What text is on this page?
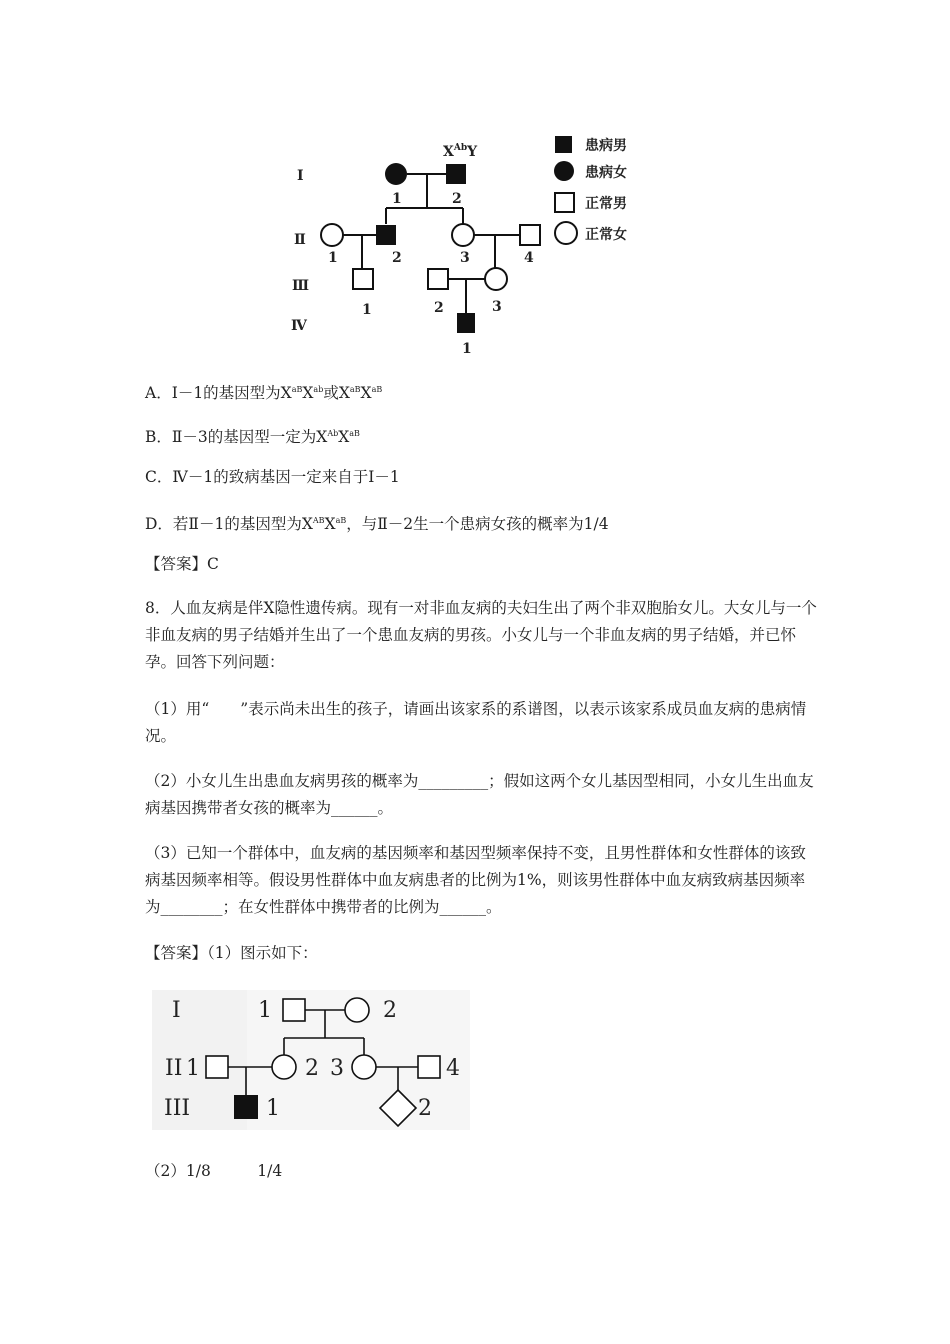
I
Ⅱ
Ⅲ
Ⅳ
$X^{Ab}Y$
1	2
1	2	3	4
1	2	3
1
患病男
患病女
正常男
正常女
A．Ⅰ－1的基因型为$X^{aB}X^{ab}$或$X^{aB}X^{aB}$
B．Ⅱ－3的基因型一定为$X^{Ab}X^{aB}$
C．Ⅳ－1的致病基因一定来自于Ⅰ－1
D．若Ⅱ－1的基因型为$X^{AB}X^{aB}$，与Ⅱ－2生一个患病女孩的概率为1/4
【答案】C
8．人血友病是伴X隐性遗传病。现有一对非血友病的夫妇生出了两个非双胞胎女儿。大女儿与一个非血友病的男子结婚并生出了一个患血友病的男孩。小女儿与一个非血友病的男子结婚，并已怀孕。回答下列问题：
（1）用“　　”表示尚未出生的孩子，请画出该家系的系谱图，以表示该家系成员血友病的患病情况。
（2）小女儿生出患血友病男孩的概率为_________；假如这两个女儿基因型相同，小女儿生出血友病基因携带者女孩的概率为______。
（3）已知一个群体中，血友病的基因频率和基因型频率保持不变，且男性群体和女性群体的该致病基因频率相等。假设男性群体中血友病患者的比例为1%，则该男性群体中血友病致病基因频率为________；在女性群体中携带者的比例为______。
【答案】（1）图示如下：
I
II
III
1	2
1	2 3	4
1	2
（2）1/8　　　1/4
